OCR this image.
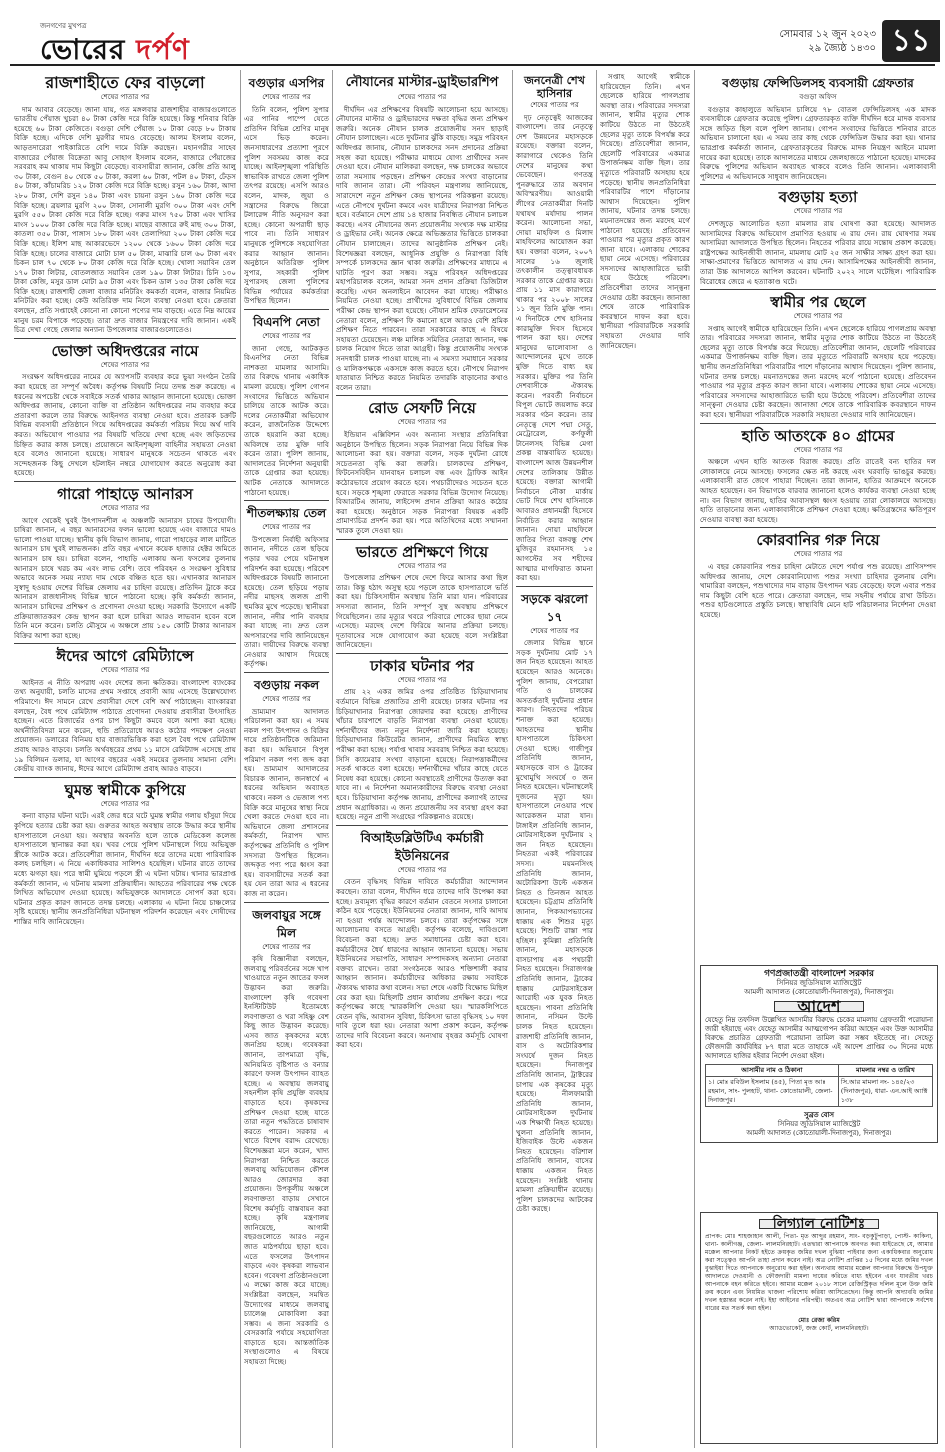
জনগণের মুখপত্র
ভোরের দর্পণ	সোমবার ১২ জুন ২০২৩
২৯ জ্যৈষ্ঠ ১৪৩০ ১১
রাজশাহীতে ফের বাড়লো
শেষের পাতার পর

দাম আবার বেড়েছে। জানা যায়, গত মঙ্গলবার রাজশাহীর বাজারগুলোতে ভারতীয় পেঁয়াজ খুচরা ৪০ টাকা কেজি দরে বিক্রি হয়েছে। কিন্তু শনিবার বিক্রি হয়েছে ৬০ টাকা কেজিতে। বগুড়া দেশি পেঁয়াজ ১০ টাকা বেড়ে ৮০ টাকায় বিক্রি হচ্ছে। এদিকে দেশি মুরগীর দামও বেড়েছে। আলম ইসলাম বলেন, আড়তদারেরা পাইকারিতে বেশি দামে বিক্রি করছেন। মহানগরীর সাহেব বাজারের পেঁয়াজ বিক্রেতা আবু সোহাগ ইসলাম বলেন, বাজারে পেঁয়াজের সরবরাহ কম থাকায় দাম কিছুটা বেড়েছে। ব্যবসায়ীরা জানান, কেজি প্রতি আলু ৩০ টাকা, বেগুন ৪০ থেকে ৫০ টাকা, করলা ৬০ টাকা, পটল ৪০ টাকা, ঢেঁড়স ৪০ টাকা, কাঁচামরিচ ১২০ টাকা কেজি দরে বিক্রি হচ্ছে। রসুন ১৬০ টাকা, আদা ২৮০ টাকা, দেশি রসুন ১৪০ টাকা এবং চায়না রসুন ১৬০ টাকা কেজি দরে বিক্রি হচ্ছে। ব্রয়লার মুরগি ২০০ টাকা, সোনালী মুরগি ৩০০ টাকা এবং দেশি মুরগি ৫৫০ টাকা কেজি দরে বিক্রি হচ্ছে। গরুর মাংস ৭৫০ টাকা এবং খাসির মাংস ১০০০ টাকা কেজি দরে বিক্রি হচ্ছে। মাছের বাজারে রুই মাছ ৩০০ টাকা, কাতলা ৩৫০ টাকা, পাঙ্গাস ১৮০ টাকা এবং তেলাপিয়া ২০০ টাকা কেজি দরে বিক্রি হচ্ছে। ইলিশ মাছ আকারভেদে ১২০০ থেকে ১৬০০ টাকা কেজি দরে বিক্রি হচ্ছে। চালের বাজারে মোটা চাল ৫০ টাকা, মাঝারি চাল ৬০ টাকা এবং চিকন চাল ৭০ থেকে ৮০ টাকা কেজি দরে বিক্রি হচ্ছে। খোলা সয়াবিন তেল ১৭০ টাকা লিটার, বোতলজাত সয়াবিন তেল ১৯০ টাকা লিটার। চিনি ১৩০ টাকা কেজি, মসুর ডাল মোটা ৯৫ টাকা এবং চিকন ডাল ১৩৫ টাকা কেজি দরে বিক্রি হচ্ছে। রাজশাহী জেলা বাজার মনিটরিং কমকর্তা বলেন, বাজার নিয়মিত মনিটরিং করা হচ্ছে। কেউ অতিরিক্ত দাম নিলে ব্যবস্থা নেওয়া হবে। ক্রেতারা বলছেন, প্রতি সপ্তাহেই কোনো না কোনো পণ্যের দাম বাড়ছে। এতে নিম্ন আয়ের মানুষ চরম বিপাকে পড়েছে। তারা দ্রুত বাজার নিয়ন্ত্রণের দাবি জানান। একই চিত্র দেখা গেছে জেলার অন্যান্য উপজেলার বাজারগুলোতেও।

ভোক্তা অধিদপ্তরের নামে
শেষের পাতার পর

সংরক্ষণ অধিদপ্তরের নামের যে অ্যাপসটি ব্যবহার করে ভুয়া সংগঠন তৈরি করা হয়েছে তা সম্পূর্ণ অবৈধ। কর্তৃপক্ষ বিষয়টি নিয়ে তদন্ত শুরু করেছে। এ ধরনের অপচেষ্টা থেকে সবাইকে সতর্ক থাকার আহ্বান জানানো হয়েছে। ভোক্তা অধিদপ্তর জানায়, কোনো ব্যক্তি বা প্রতিষ্ঠান অধিদপ্তরের নাম ব্যবহার করে প্রতারণা করলে তার বিরুদ্ধে আইনগত ব্যবস্থা নেওয়া হবে। প্রতারক চক্রটি বিভিন্ন ব্যবসায়ী প্রতিষ্ঠানে গিয়ে অধিদপ্তরের কর্মকর্তা পরিচয় দিয়ে অর্থ দাবি করত। অভিযোগ পাওয়ার পর বিষয়টি খতিয়ে দেখা হচ্ছে এবং জড়িতদের চিহ্নিত করার কাজ চলছে। প্রয়োজনে আইনশৃঙ্খলা বাহিনীর সহায়তা নেওয়া হবে বলেও জানানো হয়েছে। সাধারণ মানুষকে সচেতন থাকতে এবং সন্দেহজনক কিছু দেখলে হটলাইন নম্বরে যোগাযোগ করতে অনুরোধ করা হয়েছে।

গারো পাহাড়ে আনারস
শেষের পাতার পর

আগে থেকেই খুবই উৎপাদনশীল এ অঞ্চলটি আনারস চাষের উপযোগী। চাষিরা জানান, এ বছর আনারসের ফলন ভালো হয়েছে এবং বাজারে দামও ভালো পাওয়া যাচ্ছে। স্থানীয় কৃষি বিভাগ জানায়, গারো পাহাড়ের লাল মাটিতে আনারস চাষ খুবই লাভজনক। প্রতি বছর এখানে কয়েক হাজার হেক্টর জমিতে আনারস চাষ হয়। চাষিরা বলেন, পাহাড়ি এলাকায় অন্য ফসলের তুলনায় আনারস চাষে খরচ কম এবং লাভ বেশি। তবে পরিবহন ও সংরক্ষণ সুবিধার অভাবে অনেক সময় ন্যায্য দাম থেকে বঞ্চিত হতে হয়। এখানকার আনারস সুস্বাদু হওয়ায় দেশের বিভিন্ন জেলায় এর চাহিদা রয়েছে। প্রতিদিন ট্রাকে করে আনারস রাজধানীসহ বিভিন্ন স্থানে পাঠানো হচ্ছে। কৃষি কর্মকর্তা জানান, আনারস চাষিদের প্রশিক্ষণ ও প্রণোদনা দেওয়া হচ্ছে। সরকারি উদ্যোগে একটি প্রক্রিয়াজাতকরণ কেন্দ্র স্থাপন করা হলে চাষিরা আরও লাভবান হবেন বলে তিনি মনে করেন। চলতি মৌসুমে এ অঞ্চলে প্রায় ১৫০ কোটি টাকার আনারস বিক্রির আশা করা হচ্ছে।

ঈদের আগে রেমিট্যান্সে
শেষের পাতার পর

আইনত এ নীতি অপরাধ এবং দেশের জন্য ক্ষতিকর। বাংলাদেশ ব্যাংকের তথ্য অনুযায়ী, চলতি মাসের প্রথম সপ্তাহে প্রবাসী আয় এসেছে উল্লেখযোগ্য পরিমাণে। ঈদ সামনে রেখে প্রবাসীরা দেশে বেশি অর্থ পাঠাচ্ছেন। ব্যাংকাররা বলছেন, বৈধ পথে রেমিট্যান্স পাঠাতে প্রণোদনা দেওয়ায় প্রবাসীরা উৎসাহিত হচ্ছেন। এতে রিজার্ভের ওপর চাপ কিছুটা কমবে বলে আশা করা হচ্ছে। অর্থনীতিবিদরা মনে করেন, হুন্ডি প্রতিরোধে আরও কঠোর পদক্ষেপ নেওয়া প্রয়োজন। ডলারের বিনিময় হার বাজারভিত্তিক করা হলে বৈধ পথে রেমিট্যান্স প্রবাহ আরও বাড়বে। চলতি অর্থবছরের প্রথম ১১ মাসে রেমিট্যান্স এসেছে প্রায় ১৯ বিলিয়ন ডলার, যা আগের বছরের একই সময়ের তুলনায় সামান্য বেশি। কেন্দ্রীয় ব্যাংক জানায়, ঈদের আগে রেমিট্যান্স প্রবাহ আরও বাড়বে।

ঘুমন্ত স্বামীকে কুপিয়ে
শেষের পাতার পর

কন্যা বাড়ার ঘটনা ঘটে। এরই জের ধরে ঘটে ঘুমন্ত স্বামীর গলায় হাঁসুয়া দিয়ে কুপিয়ে হত্যার চেষ্টা করা হয়। গুরুতর আহত অবস্থায় তাকে উদ্ধার করে স্থানীয় হাসপাতালে নেওয়া হয়। অবস্থার অবনতি হলে তাকে মেডিকেল কলেজ হাসপাতালে স্থানান্তর করা হয়। খবর পেয়ে পুলিশ ঘটনাস্থলে গিয়ে অভিযুক্ত স্ত্রীকে আটক করে। প্রতিবেশীরা জানান, দীর্ঘদিন ধরে তাদের মধ্যে পারিবারিক কলহ চলছিল। এ নিয়ে একাধিকবার সালিশও হয়েছিল। ঘটনার রাতে তাদের মধ্যে ঝগড়া হয়। পরে স্বামী ঘুমিয়ে পড়লে স্ত্রী এ ঘটনা ঘটায়। থানার ভারপ্রাপ্ত কর্মকর্তা জানান, এ ঘটনায় মামলা প্রক্রিয়াধীন। আহতের পরিবারের পক্ষ থেকে লিখিত অভিযোগ দেওয়া হয়েছে। অভিযুক্তকে আদালতে সোপর্দ করা হবে। ঘটনার প্রকৃত কারণ জানতে তদন্ত চলছে। এলাকায় এ ঘটনা নিয়ে চাঞ্চল্যের সৃষ্টি হয়েছে। স্থানীয় জনপ্রতিনিধিরা ঘটনাস্থল পরিদর্শন করেছেন এবং দোষীদের শাস্তির দাবি জানিয়েছেন।

বগুড়ার এসপির
শেষের পাতার পর

তিনি বলেন, পুলিশ সুপার এর পানির পাম্পে যেতে প্রতিদিন বিভিন্ন শ্রেণির মানুষ এসে ভিড় করেন। জনসাধারণের প্রত্যাশা পূরণে পুলিশ সবসময় কাজ করে যাচ্ছে। আইনশৃঙ্খলা পরিস্থিতি স্বাভাবিক রাখতে জেলা পুলিশ তৎপর রয়েছে। এসপি আরও বলেন, মাদক, জুয়া ও সন্ত্রাসের বিরুদ্ধে জিরো টলারেন্স নীতি অনুসরণ করা হচ্ছে। কোনো অপরাধী ছাড় পাবে না। তিনি সাধারণ মানুষকে পুলিশকে সহযোগিতা করার আহ্বান জানান। অনুষ্ঠানে অতিরিক্ত পুলিশ সুপার, সহকারী পুলিশ সুপারসহ জেলা পুলিশের বিভিন্ন পর্যায়ের কর্মকর্তারা উপস্থিত ছিলেন।

বিএনপি নেতা
শেষের পাতার পর

জানা গেছে, আটককৃত বিএনপির নেতা বিভিন্ন নাশকতা মামলার আসামি। তার বিরুদ্ধে থানায় একাধিক মামলা রয়েছে। পুলিশ গোপন সংবাদের ভিত্তিতে অভিযান চালিয়ে তাকে আটক করে। দলের নেতাকর্মীরা অভিযোগ করেন, রাজনৈতিক উদ্দেশ্যে তাকে হয়রানি করা হচ্ছে। অবিলম্বে তার মুক্তি দাবি করেন তারা। পুলিশ জানায়, আদালতের নির্দেশনা অনুযায়ী তাকে গ্রেপ্তার করা হয়েছে। আটক নেতাকে আদালতে পাঠানো হয়েছে।

শীতলক্ষ্যায় তেল
শেষের পাতার পর

উপজেলা নির্বাহী অফিসার জানান, নদীতে তেল ছড়িয়ে পড়ার খবর পেয়ে ঘটনাস্থল পরিদর্শন করা হয়েছে। পরিবেশ অধিদপ্তরকে বিষয়টি জানানো হয়েছে। তেল ছড়িয়ে পড়ায় নদীর মাছসহ জলজ প্রাণী হুমকির মুখে পড়েছে। স্থানীয়রা জানান, নদীর পানি ব্যবহার করা যাচ্ছে না। দ্রুত তেল অপসারণের দাবি জানিয়েছেন তারা। দায়ীদের বিরুদ্ধে ব্যবস্থা নেওয়ার আশ্বাস দিয়েছে কর্তৃপক্ষ।

বগুড়ায় নকল
শেষের পাতার পর

ভ্রাম্যমাণ আদালত পরিচালনা করা হয়। এ সময় নকল পণ্য উৎপাদন ও বিক্রির দায়ে প্রতিষ্ঠানটিকে জরিমানা করা হয়। অভিযানে বিপুল পরিমাণ নকল পণ্য জব্দ করা হয়। ভ্রাম্যমাণ আদালতের বিচারক জানান, জনস্বার্থে এ ধরনের অভিযান অব্যাহত থাকবে। নকল ও ভেজাল পণ্য বিক্রি করে মানুষের স্বাস্থ্য নিয়ে খেলা করতে দেওয়া হবে না। অভিযানে জেলা প্রশাসনের কর্মকর্তা, নিরাপদ খাদ্য কর্তৃপক্ষের প্রতিনিধি ও পুলিশ সদস্যরা উপস্থিত ছিলেন। জব্দকৃত পণ্য পরে ধ্বংস করা হয়। ব্যবসায়ীদের সতর্ক করা হয় যেন তারা আর এ ধরনের কাজ না করেন।

জলবায়ুর সঙ্গে মিল
শেষের পাতার পর

কৃষি বিজ্ঞানীরা বলছেন, জলবায়ু পরিবর্তনের সঙ্গে খাপ খাওয়াতে নতুন জাতের ফসল উদ্ভাবন করা জরুরি। বাংলাদেশ কৃষি গবেষণা ইনস্টিটিউট ইতোমধ্যে লবণাক্ততা ও খরা সহিষ্ণু বেশ কিছু জাত উদ্ভাবন করেছে। এসব জাত কৃষকদের মধ্যে জনপ্রিয় হচ্ছে। গবেষকরা জানান, তাপমাত্রা বৃদ্ধি, অনিয়মিত বৃষ্টিপাত ও বন্যার কারণে ফসল উৎপাদন ব্যাহত হচ্ছে। এ অবস্থায় জলবায়ু সহনশীল কৃষি প্রযুক্তি ব্যবহার বাড়াতে হবে। কৃষকদের প্রশিক্ষণ দেওয়া হচ্ছে যাতে তারা নতুন পদ্ধতিতে চাষাবাদ করতে পারেন। সরকার এ খাতে বিশেষ বরাদ্দ রেখেছে। বিশেষজ্ঞরা মনে করেন, খাদ্য নিরাপত্তা নিশ্চিত করতে জলবায়ু অভিযোজন কৌশল আরও জোরদার করা প্রয়োজন। উপকূলীয় অঞ্চলে লবণাক্ততা বাড়ায় সেখানে বিশেষ কর্মসূচি বাস্তবায়ন করা হচ্ছে। কৃষি মন্ত্রণালয় জানিয়েছে, আগামী বছরগুলোতে আরও নতুন জাত মাঠপর্যায়ে ছাড়া হবে। এতে ফসলের উৎপাদন বাড়বে এবং কৃষকরা লাভবান হবেন। গবেষণা প্রতিষ্ঠানগুলো এ লক্ষ্যে কাজ করে যাচ্ছে। সংশ্লিষ্টরা বলছেন, সমন্বিত উদ্যোগের মাধ্যমে জলবায়ু চ্যালেঞ্জ মোকাবিলা করা সম্ভব। এ জন্য সরকারি ও বেসরকারি পর্যায়ে সহযোগিতা বাড়াতে হবে। আন্তর্জাতিক সংস্থাগুলোও এ বিষয়ে সহায়তা দিচ্ছে।

নৌযানের মাস্টার-ড্রাইভারশিপ
শেষের পাতার পর

দীর্ঘদিন এর প্রশিক্ষণের বিষয়টি আলোচনা হয়ে আসছে। নৌযানের মাস্টার ও ড্রাইভারদের দক্ষতা বৃদ্ধির জন্য প্রশিক্ষণ জরুরি। অনেক নৌযান চালক প্রয়োজনীয় সনদ ছাড়াই নৌযান চালাচ্ছেন। এতে দুর্ঘটনার ঝুঁকি বাড়ছে। সমুদ্র পরিবহন অধিদপ্তর জানায়, নৌযান চালকদের সনদ প্রদানের প্রক্রিয়া সহজ করা হয়েছে। পরীক্ষার মাধ্যমে যোগ্য প্রার্থীদের সনদ দেওয়া হবে। নৌযান মালিকরা বলছেন, দক্ষ চালকের অভাবে তারা সমস্যায় পড়ছেন। প্রশিক্ষণ কেন্দ্রের সংখ্যা বাড়ানোর দাবি জানান তারা। নৌ পরিবহন মন্ত্রণালয় জানিয়েছে, সারাদেশে নতুন প্রশিক্ষণ কেন্দ্র স্থাপনের পরিকল্পনা রয়েছে। এতে নৌপথে দুর্ঘটনা কমবে এবং যাত্রীদের নিরাপত্তা নিশ্চিত হবে। বর্তমানে দেশে প্রায় ১৪ হাজার নিবন্ধিত নৌযান চলাচল করছে। এসব নৌযানের জন্য প্রয়োজনীয় সংখ্যক দক্ষ মাস্টার ও ড্রাইভার নেই। অনেক ক্ষেত্রে অভিজ্ঞতার ভিত্তিতে চালকরা নৌযান চালাচ্ছেন। তাদের আনুষ্ঠানিক প্রশিক্ষণ নেই। বিশেষজ্ঞরা বলছেন, আধুনিক প্রযুক্তি ও নিরাপত্তা বিধি সম্পর্কে চালকদের জ্ঞান থাকা জরুরি। প্রশিক্ষণের মাধ্যমে এ ঘাটতি পূরণ করা সম্ভব। সমুদ্র পরিবহন অধিদপ্তরের মহাপরিচালক বলেন, আমরা সনদ প্রদান প্রক্রিয়া ডিজিটাল করেছি। এখন অনলাইনে আবেদন করা যাচ্ছে। পরীক্ষাও নিয়মিত নেওয়া হচ্ছে। প্রার্থীদের সুবিধার্থে বিভিন্ন জেলায় পরীক্ষা কেন্দ্র স্থাপন করা হয়েছে। নৌযান শ্রমিক ফেডারেশনের নেতারা বলেন, প্রশিক্ষণ ফি কমানো হলে আরও বেশি শ্রমিক প্রশিক্ষণ নিতে পারবেন। তারা সরকারের কাছে এ বিষয়ে সহায়তা চেয়েছেন। লঞ্চ মালিক সমিতির নেতারা জানান, দক্ষ চালক নিয়োগ দিতে তারা আগ্রহী। কিন্তু প্রয়োজনীয় সংখ্যক সনদধারী চালক পাওয়া যাচ্ছে না। এ সমস্যা সমাধানে সরকার ও মালিকপক্ষকে একসঙ্গে কাজ করতে হবে। নৌপথে নিরাপদ যাতায়াত নিশ্চিত করতে নিয়মিত তদারকি বাড়ানোর কথাও বলেন তারা।

রোড সেফটি নিয়ে
শেষের পাতার পর

ইন্ডিয়ান এক্সিবিশন এবং অন্যান্য সংস্থার প্রতিনিধিরা অনুষ্ঠানে উপস্থিত ছিলেন। সড়ক নিরাপত্তা নিয়ে বিভিন্ন দিক আলোচনা করা হয়। বক্তারা বলেন, সড়ক দুর্ঘটনা রোধে সচেতনতা বৃদ্ধি করা জরুরি। চালকদের প্রশিক্ষণ, ফিটনেসবিহীন যানবাহন চলাচল বন্ধ এবং ট্রাফিক আইন কঠোরভাবে প্রয়োগ করতে হবে। পথচারীদেরও সচেতন হতে হবে। সড়কে শৃঙ্খলা ফেরাতে সরকার বিভিন্ন উদ্যোগ নিয়েছে। বিআরটিএ জানায়, লাইসেন্স প্রদান প্রক্রিয়া আরও কঠোর করা হয়েছে। অনুষ্ঠানে সড়ক নিরাপত্তা বিষয়ক একটি প্রামাণ্যচিত্র প্রদর্শন করা হয়। পরে অতিথিদের মধ্যে সম্মাননা স্মারক তুলে দেওয়া হয়।

ভারতে প্রশিক্ষণে গিয়ে
শেষের পাতার পর

উপজেলার প্রশিক্ষণ শেষে দেশে ফিরে আসার কথা ছিল তার। কিন্তু হঠাৎ অসুস্থ হয়ে পড়লে তাকে হাসপাতালে ভর্তি করা হয়। চিকিৎসাধীন অবস্থায় তিনি মারা যান। পরিবারের সদস্যরা জানান, তিনি সম্পূর্ণ সুস্থ অবস্থায় প্রশিক্ষণে গিয়েছিলেন। তার মৃত্যুর খবরে পরিবারে শোকের ছায়া নেমে এসেছে। মরদেহ দেশে ফিরিয়ে আনার প্রক্রিয়া চলছে। দূতাবাসের সঙ্গে যোগাযোগ করা হয়েছে বলে সংশ্লিষ্টরা জানিয়েছেন।

ঢাকার ঘটনার পর
শেষের পাতার পর

প্রায় ২২ একর জমির ওপর প্রতিষ্ঠিত চিড়িয়াখানায় বর্তমানে বিভিন্ন প্রজাতির প্রাণী রয়েছে। ঢাকার ঘটনার পর চিড়িয়াখানার নিরাপত্তা জোরদার করা হয়েছে। প্রাণীদের খাঁচার চারপাশে বাড়তি নিরাপত্তা ব্যবস্থা নেওয়া হয়েছে। দর্শনার্থীদের জন্য নতুন নির্দেশনা জারি করা হয়েছে। চিড়িয়াখানার কিউরেটর জানান, প্রাণীদের নিয়মিত স্বাস্থ্য পরীক্ষা করা হচ্ছে। পর্যাপ্ত খাবার সরবরাহ নিশ্চিত করা হয়েছে। সিসি ক্যামেরার সংখ্যা বাড়ানো হয়েছে। নিরাপত্তাকর্মীদের সতর্ক থাকতে বলা হয়েছে। দর্শনার্থীদের খাঁচার কাছে যেতে নিষেধ করা হয়েছে। কোনো অবস্থাতেই প্রাণীদের উত্যক্ত করা যাবে না। এ নির্দেশনা অমান্যকারীদের বিরুদ্ধে ব্যবস্থা নেওয়া হবে। চিড়িয়াখানা কর্তৃপক্ষ জানায়, প্রাণীদের কল্যাণই তাদের প্রধান অগ্রাধিকার। এ জন্য প্রয়োজনীয় সব ব্যবস্থা গ্রহণ করা হয়েছে। নতুন প্রাণী সংগ্রহের পরিকল্পনাও রয়েছে।

বিআইডব্লিউটিএ কর্মচারী ইউনিয়নের
শেষের পাতার পর

বেতন বৃদ্ধিসহ বিভিন্ন দাবিতে কর্মচারীরা আন্দোলন করছেন। তারা বলেন, দীর্ঘদিন ধরে তাদের দাবি উপেক্ষা করা হচ্ছে। দ্রব্যমূল্য বৃদ্ধির কারণে বর্তমান বেতনে সংসার চালানো কঠিন হয়ে পড়েছে। ইউনিয়নের নেতারা জানান, দাবি আদায় না হওয়া পর্যন্ত আন্দোলন চলবে। তারা কর্তৃপক্ষের সঙ্গে আলোচনায় বসতে আগ্রহী। কর্তৃপক্ষ বলেছে, দাবিগুলো বিবেচনা করা হচ্ছে। দ্রুত সমাধানের চেষ্টা করা হবে। কর্মচারীদের ধৈর্য ধারণের আহ্বান জানানো হয়েছে। সভায় ইউনিয়নের সভাপতি, সাধারণ সম্পাদকসহ অন্যান্য নেতারা বক্তব্য রাখেন। তারা সংগঠনকে আরও শক্তিশালী করার আহ্বান জানান। কর্মচারীদের অধিকার রক্ষায় সবাইকে ঐক্যবদ্ধ থাকার কথা বলেন। সভা শেষে একটি বিক্ষোভ মিছিল বের করা হয়। মিছিলটি প্রধান কার্যালয় প্রদক্ষিণ করে। পরে কর্তৃপক্ষের কাছে স্মারকলিপি দেওয়া হয়। স্মারকলিপিতে বেতন বৃদ্ধি, আবাসন সুবিধা, চিকিৎসা ভাতা বৃদ্ধিসহ ১০ দফা দাবি তুলে ধরা হয়। নেতারা আশা প্রকাশ করেন, কর্তৃপক্ষ তাদের দাবি বিবেচনা করবে। অন্যথায় বৃহত্তর কর্মসূচি ঘোষণা করা হবে।

জননেত্রী শেখ হাসিনার
শেষের পাতার পর

দৃঢ় নেতৃত্বেই আজকের বাংলাদেশ। তার নেতৃত্বে দেশ উন্নয়নের মহাসড়কে রয়েছে। বক্তারা বলেন, কারাগারে থেকেও তিনি দেশের মানুষের কথা ভেবেছেন। গণতন্ত্র পুনরুদ্ধারে তার অবদান অবিস্মরণীয়। আওয়ামী লীগের নেতাকর্মীরা দিনটি যথাযথ মর্যাদায় পালন করেন। আলোচনা সভা, দোয়া মাহফিল ও মিলাদ মাহফিলের আয়োজন করা হয়। বক্তারা বলেন, ২০০৭ সালের ১৬ জুলাই তৎকালীন তত্ত্বাবধায়ক সরকার তাকে গ্রেপ্তার করে। প্রায় ১১ মাস কারাগারে থাকার পর ২০০৮ সালের ১১ জুন তিনি মুক্তি পান। এ দিনটিকে শেখ হাসিনার কারামুক্তি দিবস হিসেবে পালন করা হয়। দেশের মানুষের ভালোবাসা ও আন্দোলনের মুখে তাকে মুক্তি দিতে বাধ্য হয় সরকার। মুক্তির পর তিনি দেশবাসীকে ঐক্যবদ্ধ করেন। পরবর্তী নির্বাচনে বিপুল ভোটে জয়লাভ করে সরকার গঠন করেন। তার নেতৃত্বে দেশে পদ্মা সেতু, মেট্রোরেল, কর্ণফুলী টানেলসহ বিভিন্ন মেগা প্রকল্প বাস্তবায়িত হয়েছে। বাংলাদেশ আজ উন্নয়নশীল দেশের তালিকায় উন্নীত হয়েছে। বক্তারা আগামী নির্বাচনে নৌকা মার্কায় ভোট দিয়ে শেখ হাসিনাকে আবারও প্রধানমন্ত্রী হিসেবে নির্বাচিত করার আহ্বান জানান। দোয়া মাহফিলে জাতির পিতা বঙ্গবন্ধু শেখ মুজিবুর রহমানসহ ১৫ আগস্টের সব শহীদের আত্মার মাগফিরাত কামনা করা হয়।

সড়কে ঝরলো ১৭
শেষের পাতার পর

জেলার বিভিন্ন স্থানে সড়ক দুর্ঘটনায় মোট ১৭ জন নিহত হয়েছেন। আহত হয়েছেন আরও অনেকে। পুলিশ জানায়, বেপরোয়া গতি ও চালকের অসতর্কতাই দুর্ঘটনার প্রধান কারণ। নিহতদের পরিচয় শনাক্ত করা হয়েছে। আহতদের স্থানীয় হাসপাতালে চিকিৎসা দেওয়া হচ্ছে। গাজীপুর প্রতিনিধি জানান, মহাসড়কে বাস ও ট্রাকের মুখোমুখি সংঘর্ষে ৩ জন নিহত হয়েছেন। ঘটনাস্থলেই দুজনের মৃত্যু হয়। হাসপাতালে নেওয়ার পথে আরেকজন মারা যান। টাঙ্গাইল প্রতিনিধি জানান, মোটরসাইকেল দুর্ঘটনায় ২ জন নিহত হয়েছেন। নিহতরা একই পরিবারের সদস্য। ময়মনসিংহ প্রতিনিধি জানান, অটোরিকশা উল্টে একজন নিহত ও তিনজন আহত হয়েছেন। চট্টগ্রাম প্রতিনিধি জানান, পিকআপভ্যানের ধাক্কায় এক শিশুর মৃত্যু হয়েছে। শিশুটি রাস্তা পার হচ্ছিল। কুমিল্লা প্রতিনিধি জানান, মহাসড়কে বাসচাপায় এক পথচারী নিহত হয়েছেন। সিরাজগঞ্জ প্রতিনিধি জানান, ট্রাকের ধাক্কায় মোটরসাইকেল আরোহী এক যুবক নিহত হয়েছেন। পাবনা প্রতিনিধি জানান, নসিমন উল্টে চালক নিহত হয়েছেন। রাজশাহী প্রতিনিধি জানান, বাস ও অটোরিকশার সংঘর্ষে দুজন নিহত হয়েছেন। দিনাজপুর প্রতিনিধি জানান, ট্রাক্টরের চাপায় এক কৃষকের মৃত্যু হয়েছে। নীলফামারী প্রতিনিধি জানান, মোটরসাইকেল দুর্ঘটনায় এক শিক্ষার্থী নিহত হয়েছে। খুলনা প্রতিনিধি জানান, ইজিবাইক উল্টে একজন নিহত হয়েছেন। বরিশাল প্রতিনিধি জানান, বাসের ধাক্কায় একজন নিহত হয়েছেন। সংশ্লিষ্ট থানায় মামলা প্রক্রিয়াধীন রয়েছে। পুলিশ চালকদের আটকের চেষ্টা করছে।

সপ্তাহ আগেই স্বামীকে হারিয়েছেন তিনি। এখন ছেলেকে হারিয়ে পাগলপ্রায় অবস্থা তার। পরিবারের সদস্যরা জানান, স্বামীর মৃত্যুর শোক কাটিয়ে উঠতে না উঠতেই ছেলের মৃত্যু তাকে বিপর্যস্ত করে দিয়েছে। প্রতিবেশীরা জানান, ছেলেটি পরিবারের একমাত্র উপার্জনক্ষম ব্যক্তি ছিল। তার মৃত্যুতে পরিবারটি অসহায় হয়ে পড়েছে। স্থানীয় জনপ্রতিনিধিরা পরিবারটির পাশে দাঁড়ানোর আশ্বাস দিয়েছেন। পুলিশ জানায়, ঘটনার তদন্ত চলছে। ময়নাতদন্তের জন্য মরদেহ মর্গে পাঠানো হয়েছে। প্রতিবেদন পাওয়ার পর মৃত্যুর প্রকৃত কারণ জানা যাবে। এলাকায় শোকের ছায়া নেমে এসেছে। পরিবারের সদস্যদের আহাজারিতে ভারী হয়ে উঠেছে পরিবেশ। প্রতিবেশীরা তাদের সান্ত্বনা দেওয়ার চেষ্টা করছেন। জানাজা শেষে তাকে পারিবারিক কবরস্থানে দাফন করা হবে। স্থানীয়রা পরিবারটিকে সরকারি সহায়তা দেওয়ার দাবি জানিয়েছেন।

বগুড়ায় ফেন্সিডিলসহ ব্যবসায়ী গ্রেফতার
বগুড়া অফিস

বগুড়ার কাহালুতে অভিযান চালিয়ে ৭৮ বোতল ফেন্সিডিলসহ এক মাদক ব্যবসায়ীকে গ্রেফতার করেছে পুলিশ। গ্রেফতারকৃত ব্যক্তি দীর্ঘদিন ধরে মাদক ব্যবসার সঙ্গে জড়িত ছিল বলে পুলিশ জানায়। গোপন সংবাদের ভিত্তিতে শনিবার রাতে অভিযান চালানো হয়। এ সময় তার কাছ থেকে ফেন্সিডিল উদ্ধার করা হয়। থানার ভারপ্রাপ্ত কর্মকর্তা জানান, গ্রেফতারকৃতের বিরুদ্ধে মাদক নিয়ন্ত্রণ আইনে মামলা দায়ের করা হয়েছে। তাকে আদালতের মাধ্যমে জেলহাজতে পাঠানো হয়েছে। মাদকের বিরুদ্ধে পুলিশের অভিযান অব্যাহত থাকবে বলেও তিনি জানান। এলাকাবাসী পুলিশের এ অভিযানকে সাধুবাদ জানিয়েছেন।

বগুড়ায় হত্যা
শেষের পাতার পর

দেশজুড়ে আলোচিত হত্যা মামলার রায় ঘোষণা করা হয়েছে। আদালত আসামিদের বিরুদ্ধে অভিযোগ প্রমাণিত হওয়ায় এ রায় দেন। রায় ঘোষণার সময় আসামিরা আদালতে উপস্থিত ছিলেন। নিহতের পরিবার রায়ে সন্তোষ প্রকাশ করেছে। রাষ্ট্রপক্ষের আইনজীবী জানান, মামলায় মোট ২৫ জন সাক্ষীর সাক্ষ্য গ্রহণ করা হয়। সাক্ষ্য-প্রমাণের ভিত্তিতে আদালত এ রায় দেন। আসামিপক্ষের আইনজীবী জানান, তারা উচ্চ আদালতে আপিল করবেন। ঘটনাটি ২০২২ সালে ঘটেছিল। পারিবারিক বিরোধের জেরে এ হত্যাকাণ্ড ঘটে।

স্বামীর পর ছেলে
শেষের পাতার পর

সপ্তাহ আগেই স্বামীকে হারিয়েছেন তিনি। এখন ছেলেকে হারিয়ে পাগলপ্রায় অবস্থা তার। পরিবারের সদস্যরা জানান, স্বামীর মৃত্যুর শোক কাটিয়ে উঠতে না উঠতেই ছেলের মৃত্যু তাকে বিপর্যস্ত করে দিয়েছে। প্রতিবেশীরা জানান, ছেলেটি পরিবারের একমাত্র উপার্জনক্ষম ব্যক্তি ছিল। তার মৃত্যুতে পরিবারটি অসহায় হয়ে পড়েছে। স্থানীয় জনপ্রতিনিধিরা পরিবারটির পাশে দাঁড়ানোর আশ্বাস দিয়েছেন। পুলিশ জানায়, ঘটনার তদন্ত চলছে। ময়নাতদন্তের জন্য মরদেহ মর্গে পাঠানো হয়েছে। প্রতিবেদন পাওয়ার পর মৃত্যুর প্রকৃত কারণ জানা যাবে। এলাকায় শোকের ছায়া নেমে এসেছে। পরিবারের সদস্যদের আহাজারিতে ভারী হয়ে উঠেছে পরিবেশ। প্রতিবেশীরা তাদের সান্ত্বনা দেওয়ার চেষ্টা করছেন। জানাজা শেষে তাকে পারিবারিক কবরস্থানে দাফন করা হবে। স্থানীয়রা পরিবারটিকে সরকারি সহায়তা দেওয়ার দাবি জানিয়েছেন।

হাতি আতংকে ৪০ গ্রামের
শেষের পাতার পর

অঞ্চলে এখন হাতি আতংক বিরাজ করছে। প্রতি রাতেই বন্য হাতির দল লোকালয়ে নেমে আসছে। ফসলের ক্ষেত নষ্ট করছে এবং ঘরবাড়ি ভাঙচুর করছে। এলাকাবাসী রাত জেগে পাহারা দিচ্ছেন। তারা জানান, হাতির আক্রমণে অনেকে আহত হয়েছেন। বন বিভাগকে বারবার জানানো হলেও কার্যকর ব্যবস্থা নেওয়া হচ্ছে না। বন বিভাগ জানায়, হাতির আবাসস্থল ধ্বংস হওয়ায় তারা লোকালয়ে আসছে। হাতি তাড়ানোর জন্য এলাকাবাসীকে প্রশিক্ষণ দেওয়া হচ্ছে। ক্ষতিগ্রস্তদের ক্ষতিপূরণ দেওয়ার ব্যবস্থা করা হয়েছে।

কোরবানির গরু নিয়ে
শেষের পাতার পর

এ বছর কোরবানির পশুর চাহিদা মেটাতে দেশে পর্যাপ্ত পশু রয়েছে। প্রাণিসম্পদ অধিদপ্তর জানায়, দেশে কোরবানিযোগ্য পশুর সংখ্যা চাহিদার তুলনায় বেশি। খামারিরা বলছেন, পশুখাদ্যের দাম বাড়ায় উৎপাদন খরচ বেড়েছে। ফলে এবার পশুর দাম কিছুটা বেশি হতে পারে। ক্রেতারা বলছেন, দাম সহনীয় পর্যায়ে রাখা উচিত। পশুর হাটগুলোতে প্রস্তুতি চলছে। স্বাস্থ্যবিধি মেনে হাট পরিচালনার নির্দেশনা দেওয়া হয়েছে।

গণপ্রজাতন্ত্রী বাংলাদেশ সরকার
সিনিয়র জুডিসিয়াল ম্যাজিস্ট্রেট
আমলী আদালত (কোতোয়ালী-দিনাজপুর), দিনাজপুর।
আদেশ
যেহেতু নিম্ন তফসিল উল্লেখিত আসামীর বিরুদ্ধে চেকের মামলায় গ্রেফতারী পরোয়ানা জারী হইয়াছে এবং যেহেতু আসামীর আত্মগোপন করিয়া আছেন এবং উক্ত আসামীর বিরুদ্ধে প্রচারিত গ্রেফতারী পরোয়ানা তামিল করা সম্ভব হইতেছে না। সেহেতু ফৌজদারী কার্যবিধির ৮৭ ধারা মতে তাহাকে এই আদেশ প্রাপ্তির ৩০ দিনের মধ্যে আদালতে হাজির হইবার নির্দেশ দেওয়া হইল।
আসামীর নাম ও ঠিকানা	মামলার নম্বর ও তারিখ
১। মোঃ রবিউল ইসলাম (৪৫), পিতা মৃত আঃ রহমান, সাং- পুলহাট, থানা- কোতোয়ালী, জেলা- দিনাজপুর।	সি.আর মামলা নং- ১৪৫/২৩ (দিনাজপুর), ধারা- এন.আই অ্যাক্ট ১৩৮
সুব্রত বোস
সিনিয়র জুডিসিয়াল ম্যাজিস্ট্রেট
আমলী আদালত (কোতোয়ালী-দিনাজপুর), দিনাজপুর।
লিগ্যাল নোটিশঃ
প্রাপক: মোঃ শাহজাহান আলী, পিতা- মৃত আব্দুর রহমান, সাং- বড়কুটুপাড়া, পোস্ট- কাকিনা, থানা- কালীগঞ্জ, জেলা- লালমনিরহাট। এতদ্বারা আপনাকে অবগত করা যাইতেছে যে, আমার মক্কেল আপনার নিকট হইতে ক্রয়কৃত জমির দখল বুঝিয়া পাইবার জন্য একাধিকবার অনুরোধ করা সত্ত্বেও আপনি তাহা প্রদান করেন নাই। অত্র নোটিশ প্রাপ্তির ১৫ দিনের মধ্যে জমির দখল বুঝাইয়া দিতে আপনাকে অনুরোধ করা হইল। অন্যথায় আমার মক্কেল আপনার বিরুদ্ধে উপযুক্ত আদালতে দেওয়ানী ও ফৌজদারী মামলা দায়ের করিতে বাধ্য হইবেন এবং যাবতীয় খরচ আপনাকে বহন করিতে হইবে। আমার মক্কেল ২০১৮ সালে রেজিস্ট্রিকৃত দলিল মূলে উক্ত জমি ক্রয় করেন এবং নিয়মিত খাজনা পরিশোধ করিয়া আসিতেছেন। কিন্তু আপনি অদ্যাবধি জমির দখল হস্তান্তর করেন নাই। ইহা আইনের পরিপন্থী। অতএব অত্র নোটিশ দ্বারা আপনাকে সর্বশেষ বারের মত সতর্ক করা হইল।
মোঃ রেজা করিম
অ্যাডভোকেট, জজ কোর্ট, লালমনিরহাট।
